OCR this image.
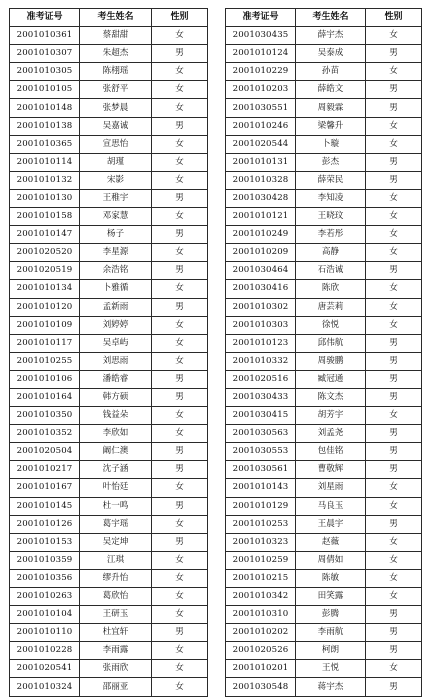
准考证号	考生姓名	性别
2001010361	蔡甜甜	女
2001010307	朱超杰	男
2001010305	陈栩瑶	女
2001010105	张舒平	女
2001010148	张梦晨	女
2001010138	吴嘉诚	男
2001010365	宣思怡	女
2001010114	胡瑾	女
2001010132	宋影	女
2001010130	王稚宇	男
2001010158	邓家慧	女
2001010147	杨子	男
2001020520	李星源	女
2001020519	余浩铭	男
2001010134	卜雅循	女
2001010120	孟新雨	男
2001010109	刘婷婷	女
2001010117	吴卓屿	女
2001010255	刘思雨	女
2001010106	潘皓睿	男
2001010164	韩方硕	男
2001010350	钱益朵	女
2001010352	李欣如	女
2001020504	阚仁澳	男
2001010217	沈子涵	男
2001010167	叶怡廷	女
2001010145	杜一鸣	男
2001010126	葛宇瑶	女
2001010153	吴定坤	男
2001010359	江琪	女
2001010356	缪升怡	女
2001010263	葛欣怡	女
2001010104	王研玉	女
2001010110	杜宜轩	男
2001010228	李雨露	女
2001020541	张雨欣	女
2001010324	邵丽亚	女
准考证号	考生姓名	性别
2001030435	薛宇杰	女
2001010124	吴泰成	男
2001010229	孙苗	女
2001010203	薛皓文	男
2001030551	周毅霖	男
2001010246	梁馨升	女
2001020544	卜璇	女
2001010131	彭杰	男
2001010328	薛荣民	男
2001030428	李知凌	女
2001010121	王晓玟	女
2001010249	李若彤	女
2001010209	高静	女
2001030464	石浩诚	男
2001030416	陈欣	女
2001010302	唐芸莉	女
2001010303	徐悦	女
2001010123	邱伟航	男
2001010332	周骏鹏	男
2001020516	臧冠通	男
2001030433	陈文杰	男
2001030415	胡芳宇	女
2001030563	刘孟尧	男
2001030553	包佳铭	男
2001030561	曹敬辉	男
2001010143	刘星雨	女
2001010129	马良玉	女
2001010253	王晨宇	男
2001010323	赵薇	女
2001010259	周倩如	女
2001010215	陈敏	女
2001010342	田笑露	女
2001010310	彭腾	男
2001010202	李雨航	男
2001020526	柯朗	男
2001010201	王悦	女
2001030548	蒋宇杰	男
